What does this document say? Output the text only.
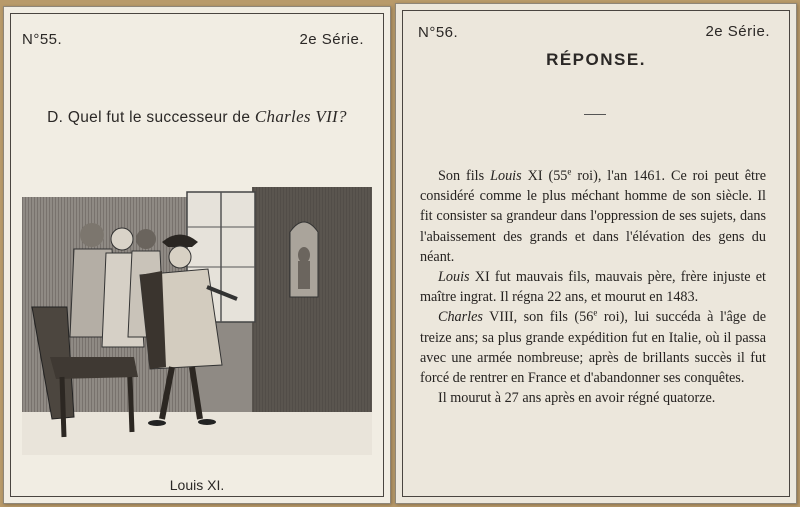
N°55.	2e Série.
D. Quel fut le successeur de Charles VII?
Louis XI.
N°56.	2e Série.
RÉPONSE.

Son fils Louis XI (55e roi), l'an 1461. Ce roi peut être considéré comme le plus méchant homme de son siècle. Il fit consister sa grandeur dans l'oppression de ses sujets, dans l'abaissement des grands et dans l'élévation des gens du néant.

Louis XI fut mauvais fils, mauvais père, frère injuste et maître ingrat. Il régna 22 ans, et mourut en 1483.

Charles VIII, son fils (56e roi), lui succéda à l'âge de treize ans; sa plus grande expédition fut en Italie, où il passa avec une armée nombreuse; après de brillants succès il fut forcé de rentrer en France et d'abandonner ses conquêtes.

Il mourut à 27 ans après en avoir régné quatorze.
